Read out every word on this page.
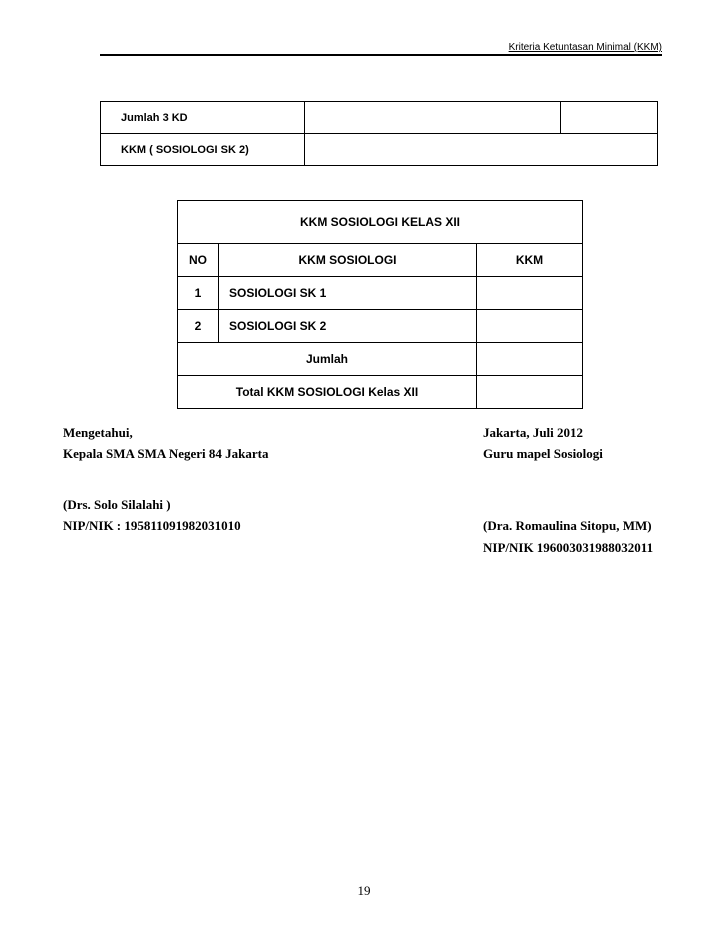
Kriteria Ketuntasan Minimal (KKM)
Jumlah 3 KD		
KKM ( SOSIOLOGI SK 2)		
KKM SOSIOLOGI KELAS XII		
NO	KKM SOSIOLOGI	KKM
1	SOSIOLOGI SK 1	
2	SOSIOLOGI SK 2	
Jumlah		
Total KKM SOSIOLOGI Kelas XII		
Mengetahui,
Kepala SMA SMA Negeri 84 Jakarta
(Drs. Solo Silalahi )
NIP/NIK : 195811091982031010
Jakarta, Juli 2012
Guru mapel Sosiologi
(Dra. Romaulina Sitopu, MM)
NIP/NIK 196003031988032011
19
